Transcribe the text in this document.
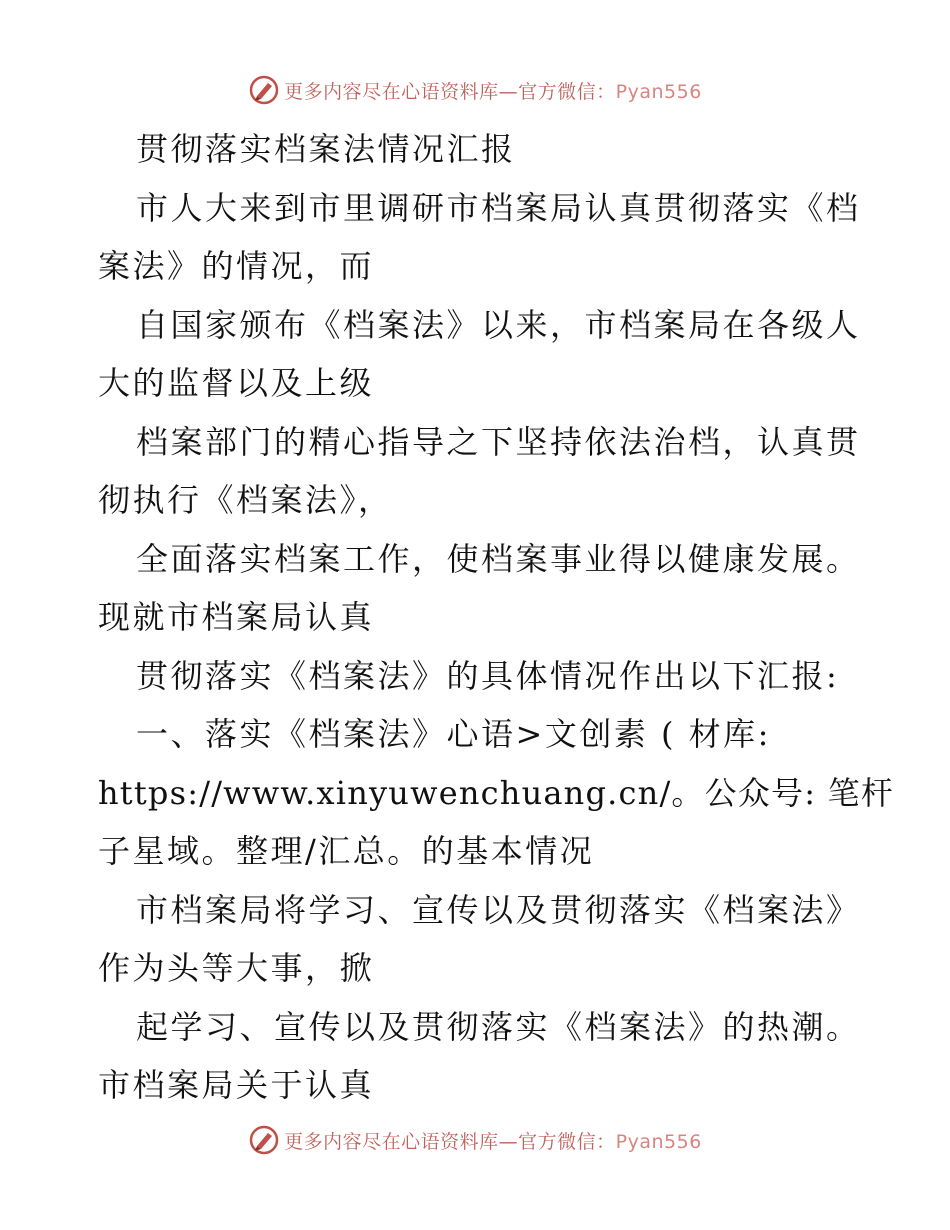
更多内容尽在心语资料库—官方微信：Pyan556
贯彻落实档案法情况汇报
市人大来到市里调研市档案局认真贯彻落实《档
案法》的情况，而
自国家颁布《档案法》以来，市档案局在各级人
大的监督以及上级
档案部门的精心指导之下坚持依法治档，认真贯
彻执行《档案法》，
全面落实档案工作，使档案事业得以健康发展。
现就市档案局认真
贯彻落实《档案法》的具体情况作出以下汇报:
一、落实《档案法》心语>文创素 ( 材库:
https://www.xinyuwenchuang.cn/。公众号: 笔杆
子星域。整理/汇总。的基本情况
市档案局将学习、宣传以及贯彻落实《档案法》
作为头等大事，掀
起学习、宣传以及贯彻落实《档案法》的热潮。
市档案局关于认真
更多内容尽在心语资料库—官方微信：Pyan556
